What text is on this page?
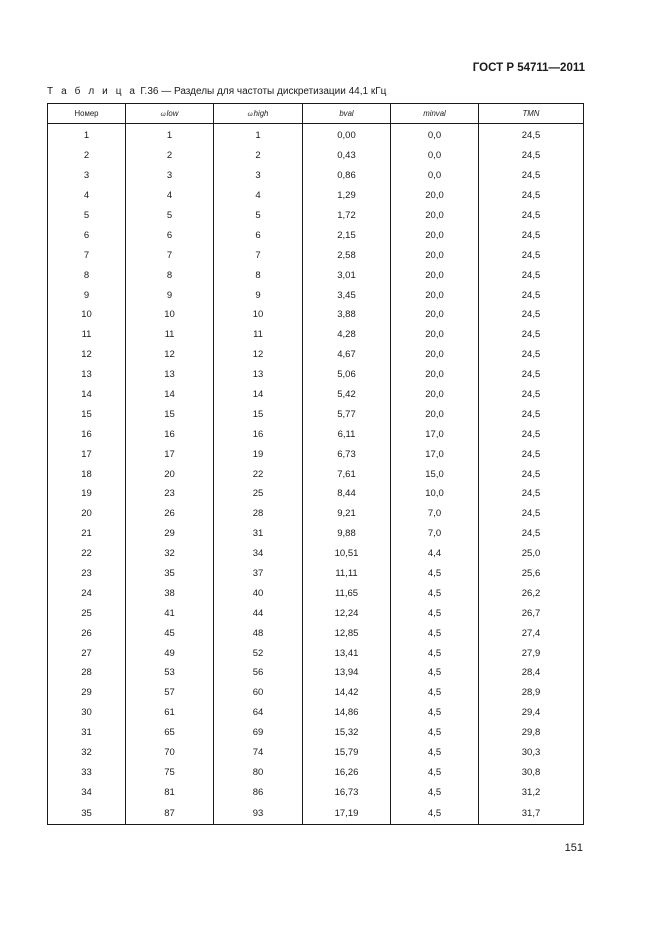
ГОСТ Р 54711—2011
Т а б л и ц а Г.36 — Разделы для частоты дискретизации 44,1 кГц
Номер	ωlow	ωhigh	bval	minval	TMN
1	1	1	0,00	0,0	24,5
2	2	2	0,43	0,0	24,5
3	3	3	0,86	0,0	24,5
4	4	4	1,29	20,0	24,5
5	5	5	1,72	20,0	24,5
6	6	6	2,15	20,0	24,5
7	7	7	2,58	20,0	24,5
8	8	8	3,01	20,0	24,5
9	9	9	3,45	20,0	24,5
10	10	10	3,88	20,0	24,5
11	11	11	4,28	20,0	24,5
12	12	12	4,67	20,0	24,5
13	13	13	5,06	20,0	24,5
14	14	14	5,42	20,0	24,5
15	15	15	5,77	20,0	24,5
16	16	16	6,11	17,0	24,5
17	17	19	6,73	17,0	24,5
18	20	22	7,61	15,0	24,5
19	23	25	8,44	10,0	24,5
20	26	28	9,21	7,0	24,5
21	29	31	9,88	7,0	24,5
22	32	34	10,51	4,4	25,0
23	35	37	11,11	4,5	25,6
24	38	40	11,65	4,5	26,2
25	41	44	12,24	4,5	26,7
26	45	48	12,85	4,5	27,4
27	49	52	13,41	4,5	27,9
28	53	56	13,94	4,5	28,4
29	57	60	14,42	4,5	28,9
30	61	64	14,86	4,5	29,4
31	65	69	15,32	4,5	29,8
32	70	74	15,79	4,5	30,3
33	75	80	16,26	4,5	30,8
34	81	86	16,73	4,5	31,2
35	87	93	17,19	4,5	31,7
151
